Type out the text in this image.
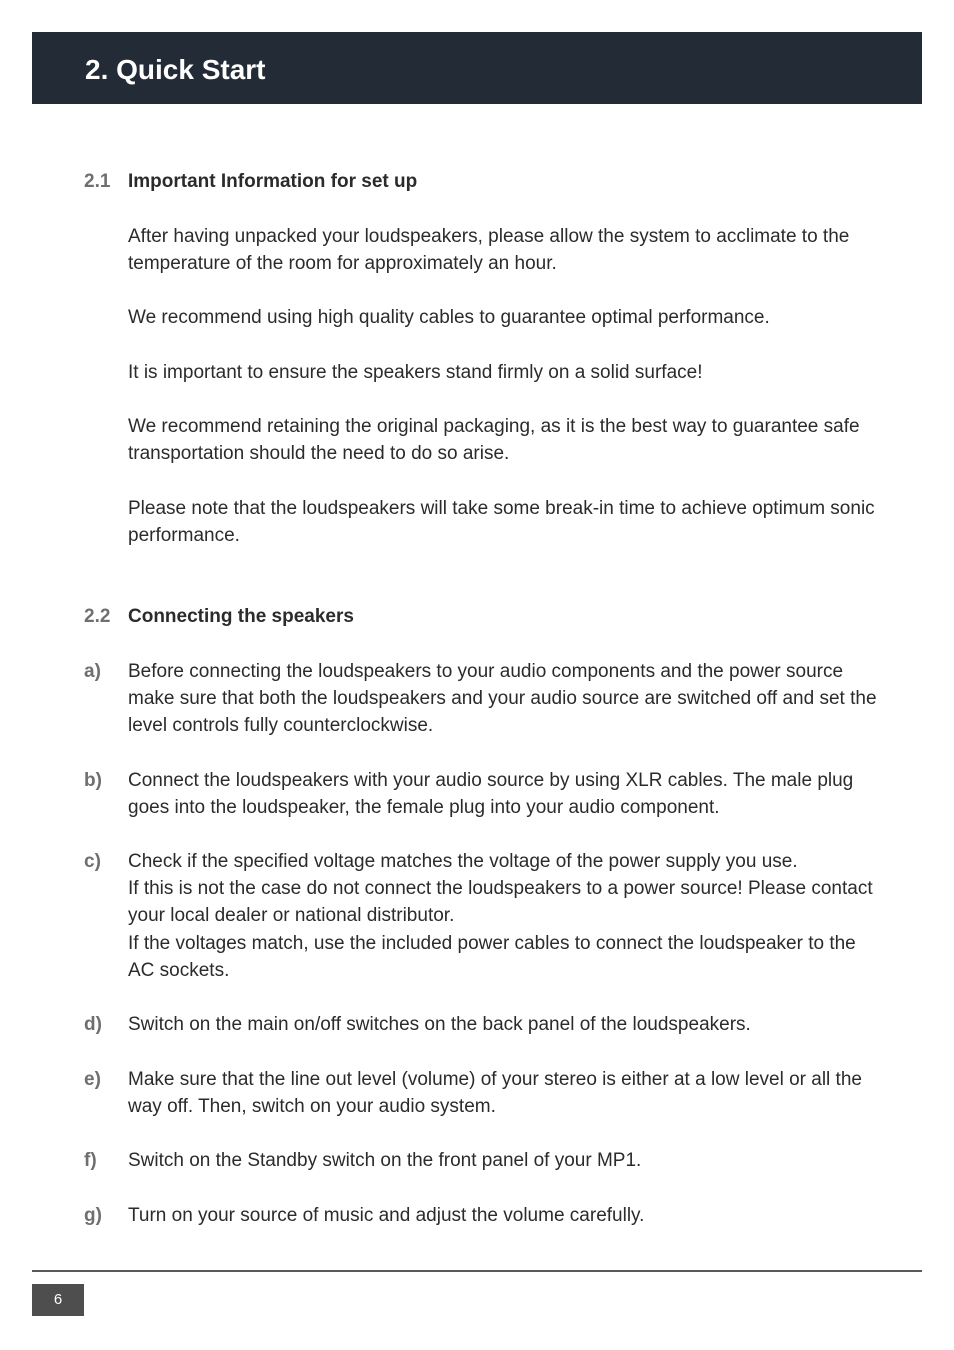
2. Quick Start
2.1 Important Information for set up

After having unpacked your loudspeakers, please allow the system to acclimate to the temperature of the room for approximately an hour.

We recommend using high quality cables to guarantee optimal performance.

It is important to ensure the speakers stand firmly on a solid surface!

We recommend retaining the original packaging, as it is the best way to guarantee safe transportation should the need to do so arise.

Please note that the loudspeakers will take some break-in time to achieve optimum sonic performance.

2.2 Connecting the speakers
a) Before connecting the loudspeakers to your audio components and the power source make sure that both the loudspeakers and your audio source are switched off and set the level controls fully counterclockwise.

b) Connect the loudspeakers with your audio source by using XLR cables. The male plug goes into the loudspeaker, the female plug into your audio component.

c) Check if the specified voltage matches the voltage of the power supply you use.

If this is not the case do not connect the loudspeakers to a power source! Please contact your local dealer or national distributor.

If the voltages match, use the included power cables to connect the loudspeaker to the AC sockets.

d) Switch on the main on/off switches on the back panel of the loudspeakers.

e) Make sure that the line out level (volume) of your stereo is either at a low level or all the way off. Then, switch on your audio system.

f) Switch on the Standby switch on the front panel of your MP1.

g) Turn on your source of music and adjust the volume carefully.

6
